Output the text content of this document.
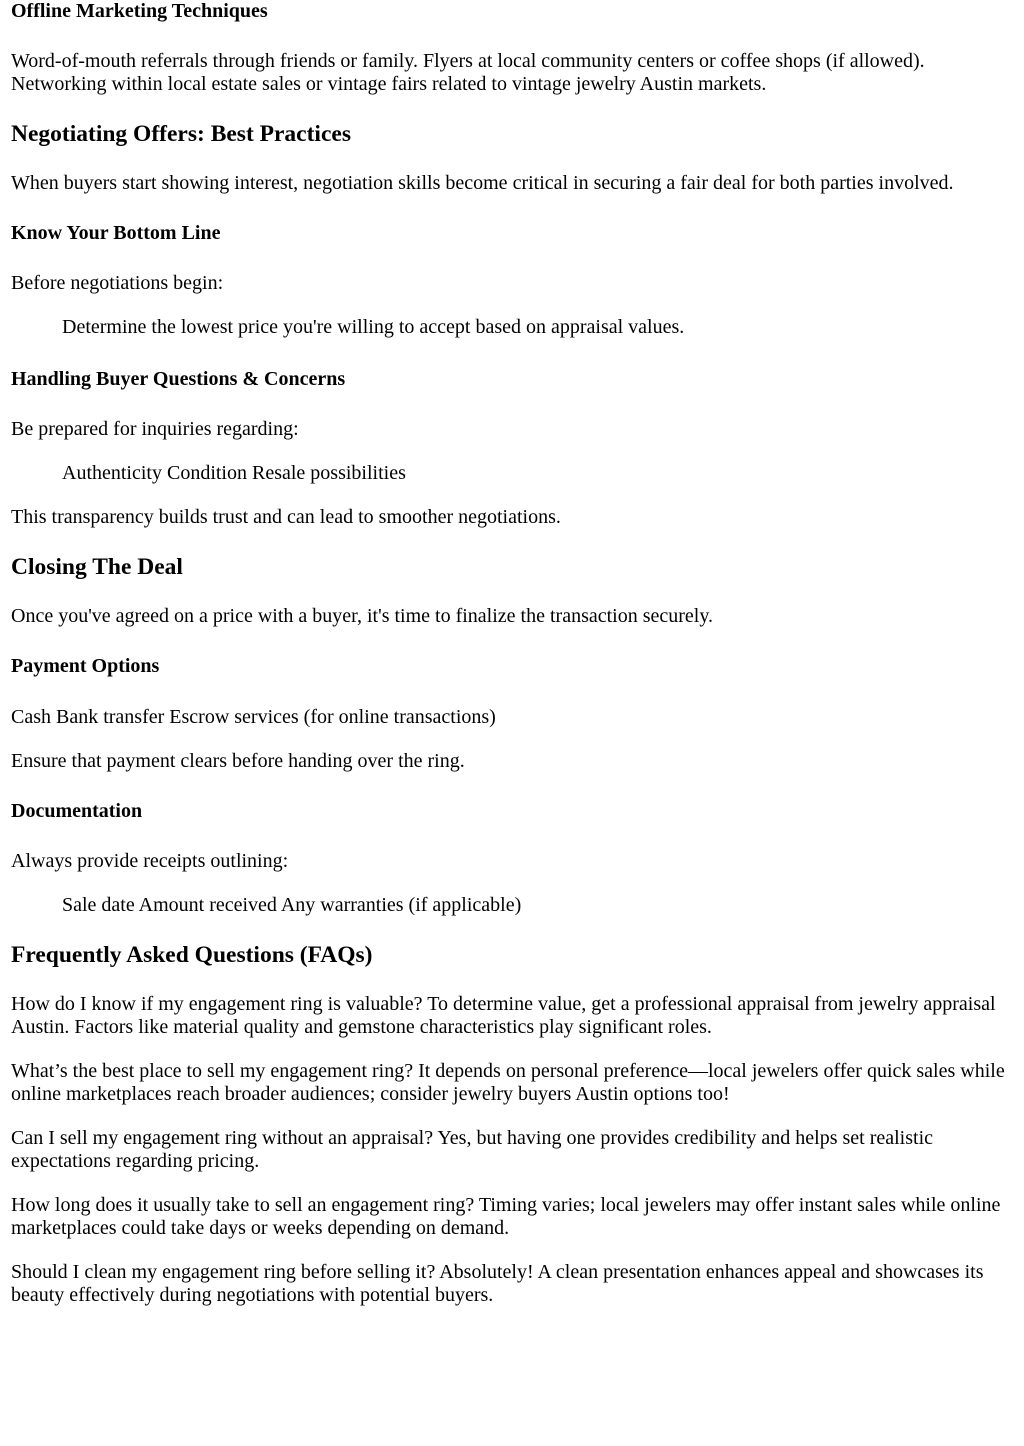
Offline Marketing Techniques

Word-of-mouth referrals through friends or family. Flyers at local community centers or coffee shops (if allowed). Networking within local estate sales or vintage fairs related to vintage jewelry Austin markets.

Negotiating Offers: Best Practices

When buyers start showing interest, negotiation skills become critical in securing a fair deal for both parties involved.

Know Your Bottom Line

Before negotiations begin:

Determine the lowest price you're willing to accept based on appraisal values.

Handling Buyer Questions & Concerns

Be prepared for inquiries regarding:

Authenticity Condition Resale possibilities

This transparency builds trust and can lead to smoother negotiations.

Closing The Deal

Once you've agreed on a price with a buyer, it's time to finalize the transaction securely.

Payment Options

Cash Bank transfer Escrow services (for online transactions)

Ensure that payment clears before handing over the ring.

Documentation

Always provide receipts outlining:

Sale date Amount received Any warranties (if applicable)

Frequently Asked Questions (FAQs)

How do I know if my engagement ring is valuable? To determine value, get a professional appraisal from jewelry appraisal Austin. Factors like material quality and gemstone characteristics play significant roles.

What’s the best place to sell my engagement ring? It depends on personal preference—local jewelers offer quick sales while online marketplaces reach broader audiences; consider jewelry buyers Austin options too!

Can I sell my engagement ring without an appraisal? Yes, but having one provides credibility and helps set realistic expectations regarding pricing.

How long does it usually take to sell an engagement ring? Timing varies; local jewelers may offer instant sales while online marketplaces could take days or weeks depending on demand.

Should I clean my engagement ring before selling it? Absolutely! A clean presentation enhances appeal and showcases its beauty effectively during negotiations with potential buyers.
